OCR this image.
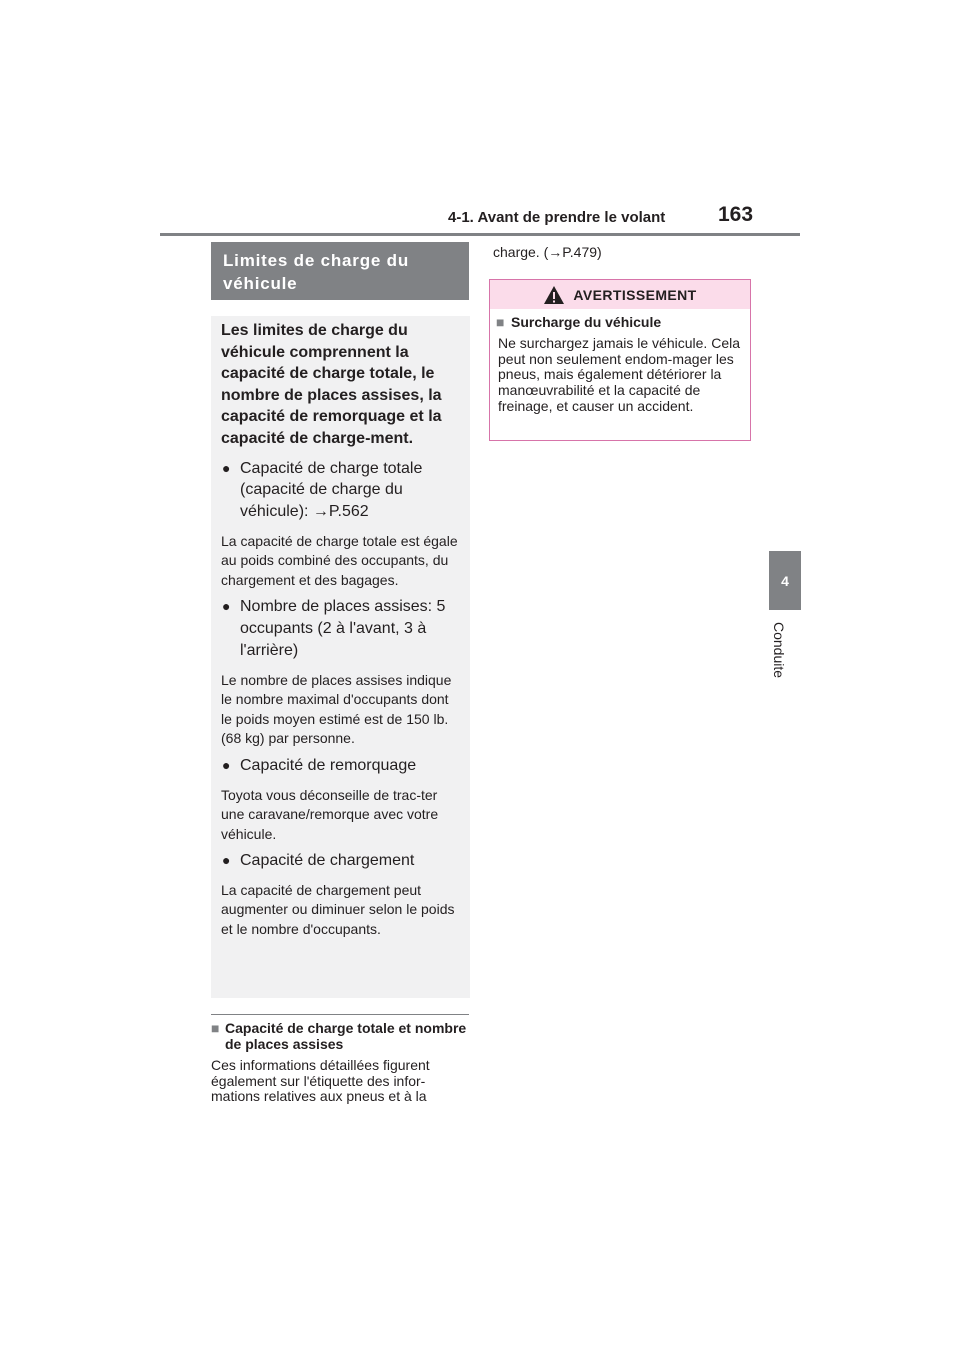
4-1. Avant de prendre le volant	163
4
Conduite
Limites de charge du véhicule

Les limites de charge du véhicule comprennent la capacité de charge totale, le nombre de places assises, la capacité de remorquage et la capacité de charge-ment.

● Capacité de charge totale (capacité de charge du véhicule): →P.562

La capacité de charge totale est égale au poids combiné des occupants, du chargement et des bagages.

● Nombre de places assises: 5 occupants (2 à l'avant, 3 à l'arrière)

Le nombre de places assises indique le nombre maximal d'occupants dont le poids moyen estimé est de 150 lb. (68 kg) par personne.

● Capacité de remorquage

Toyota vous déconseille de trac-ter une caravane/remorque avec votre véhicule.

● Capacité de chargement

La capacité de chargement peut augmenter ou diminuer selon le poids et le nombre d'occupants.

■ Capacité de charge totale et nombre de places assises
Ces informations détaillées figurent également sur l'étiquette des infor-mations relatives aux pneus et à la
charge. (→P.479)
AVERTISSEMENT
■ Surcharge du véhicule
Ne surchargez jamais le véhicule. Cela peut non seulement endom-mager les pneus, mais également détériorer la manœuvrabilité et la capacité de freinage, et causer un accident.
